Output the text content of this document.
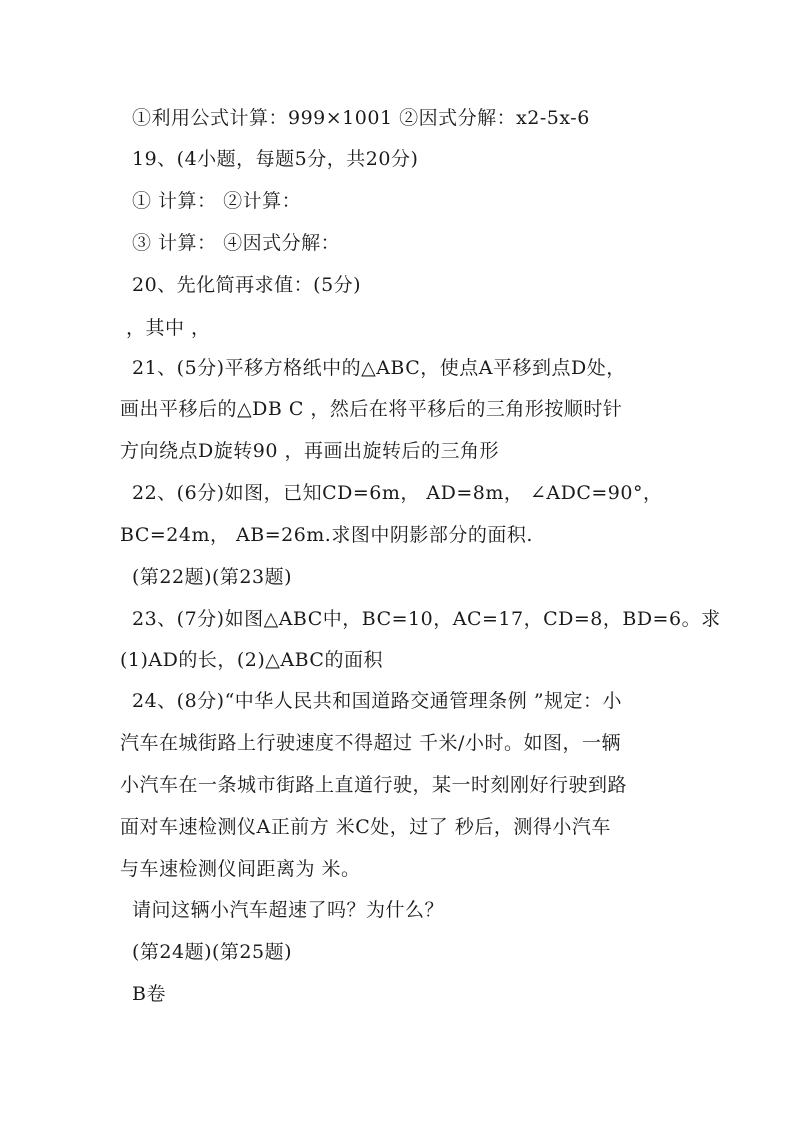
①利用公式计算：999×1001 ②因式分解：x2-5x-6
19、(4小题，每题5分，共20分)
① 计算： ②计算：
③ 计算： ④因式分解：
20、先化简再求值：(5分)
，其中 ，
21、(5分)平移方格纸中的△ABC，使点A平移到点D处，
画出平移后的△DB C ，然后在将平移后的三角形按顺时针
方向绕点D旋转90 ，再画出旋转后的三角形
22、(6分)如图，已知CD=6m， AD=8m， ∠ADC=90°，
BC=24m， AB=26m.求图中阴影部分的面积.
(第22题)(第23题)
23、(7分)如图△ABC中，BC=10，AC=17，CD=8，BD=6。求
(1)AD的长，(2)△ABC的面积
24、(8分)“中华人民共和国道路交通管理条例 ”规定：小
汽车在城街路上行驶速度不得超过 千米/小时。如图，一辆
小汽车在一条城市街路上直道行驶，某一时刻刚好行驶到路
面对车速检测仪A正前方 米C处，过了 秒后，测得小汽车
与车速检测仪间距离为 米。
请问这辆小汽车超速了吗？为什么？
(第24题)(第25题)
B卷
